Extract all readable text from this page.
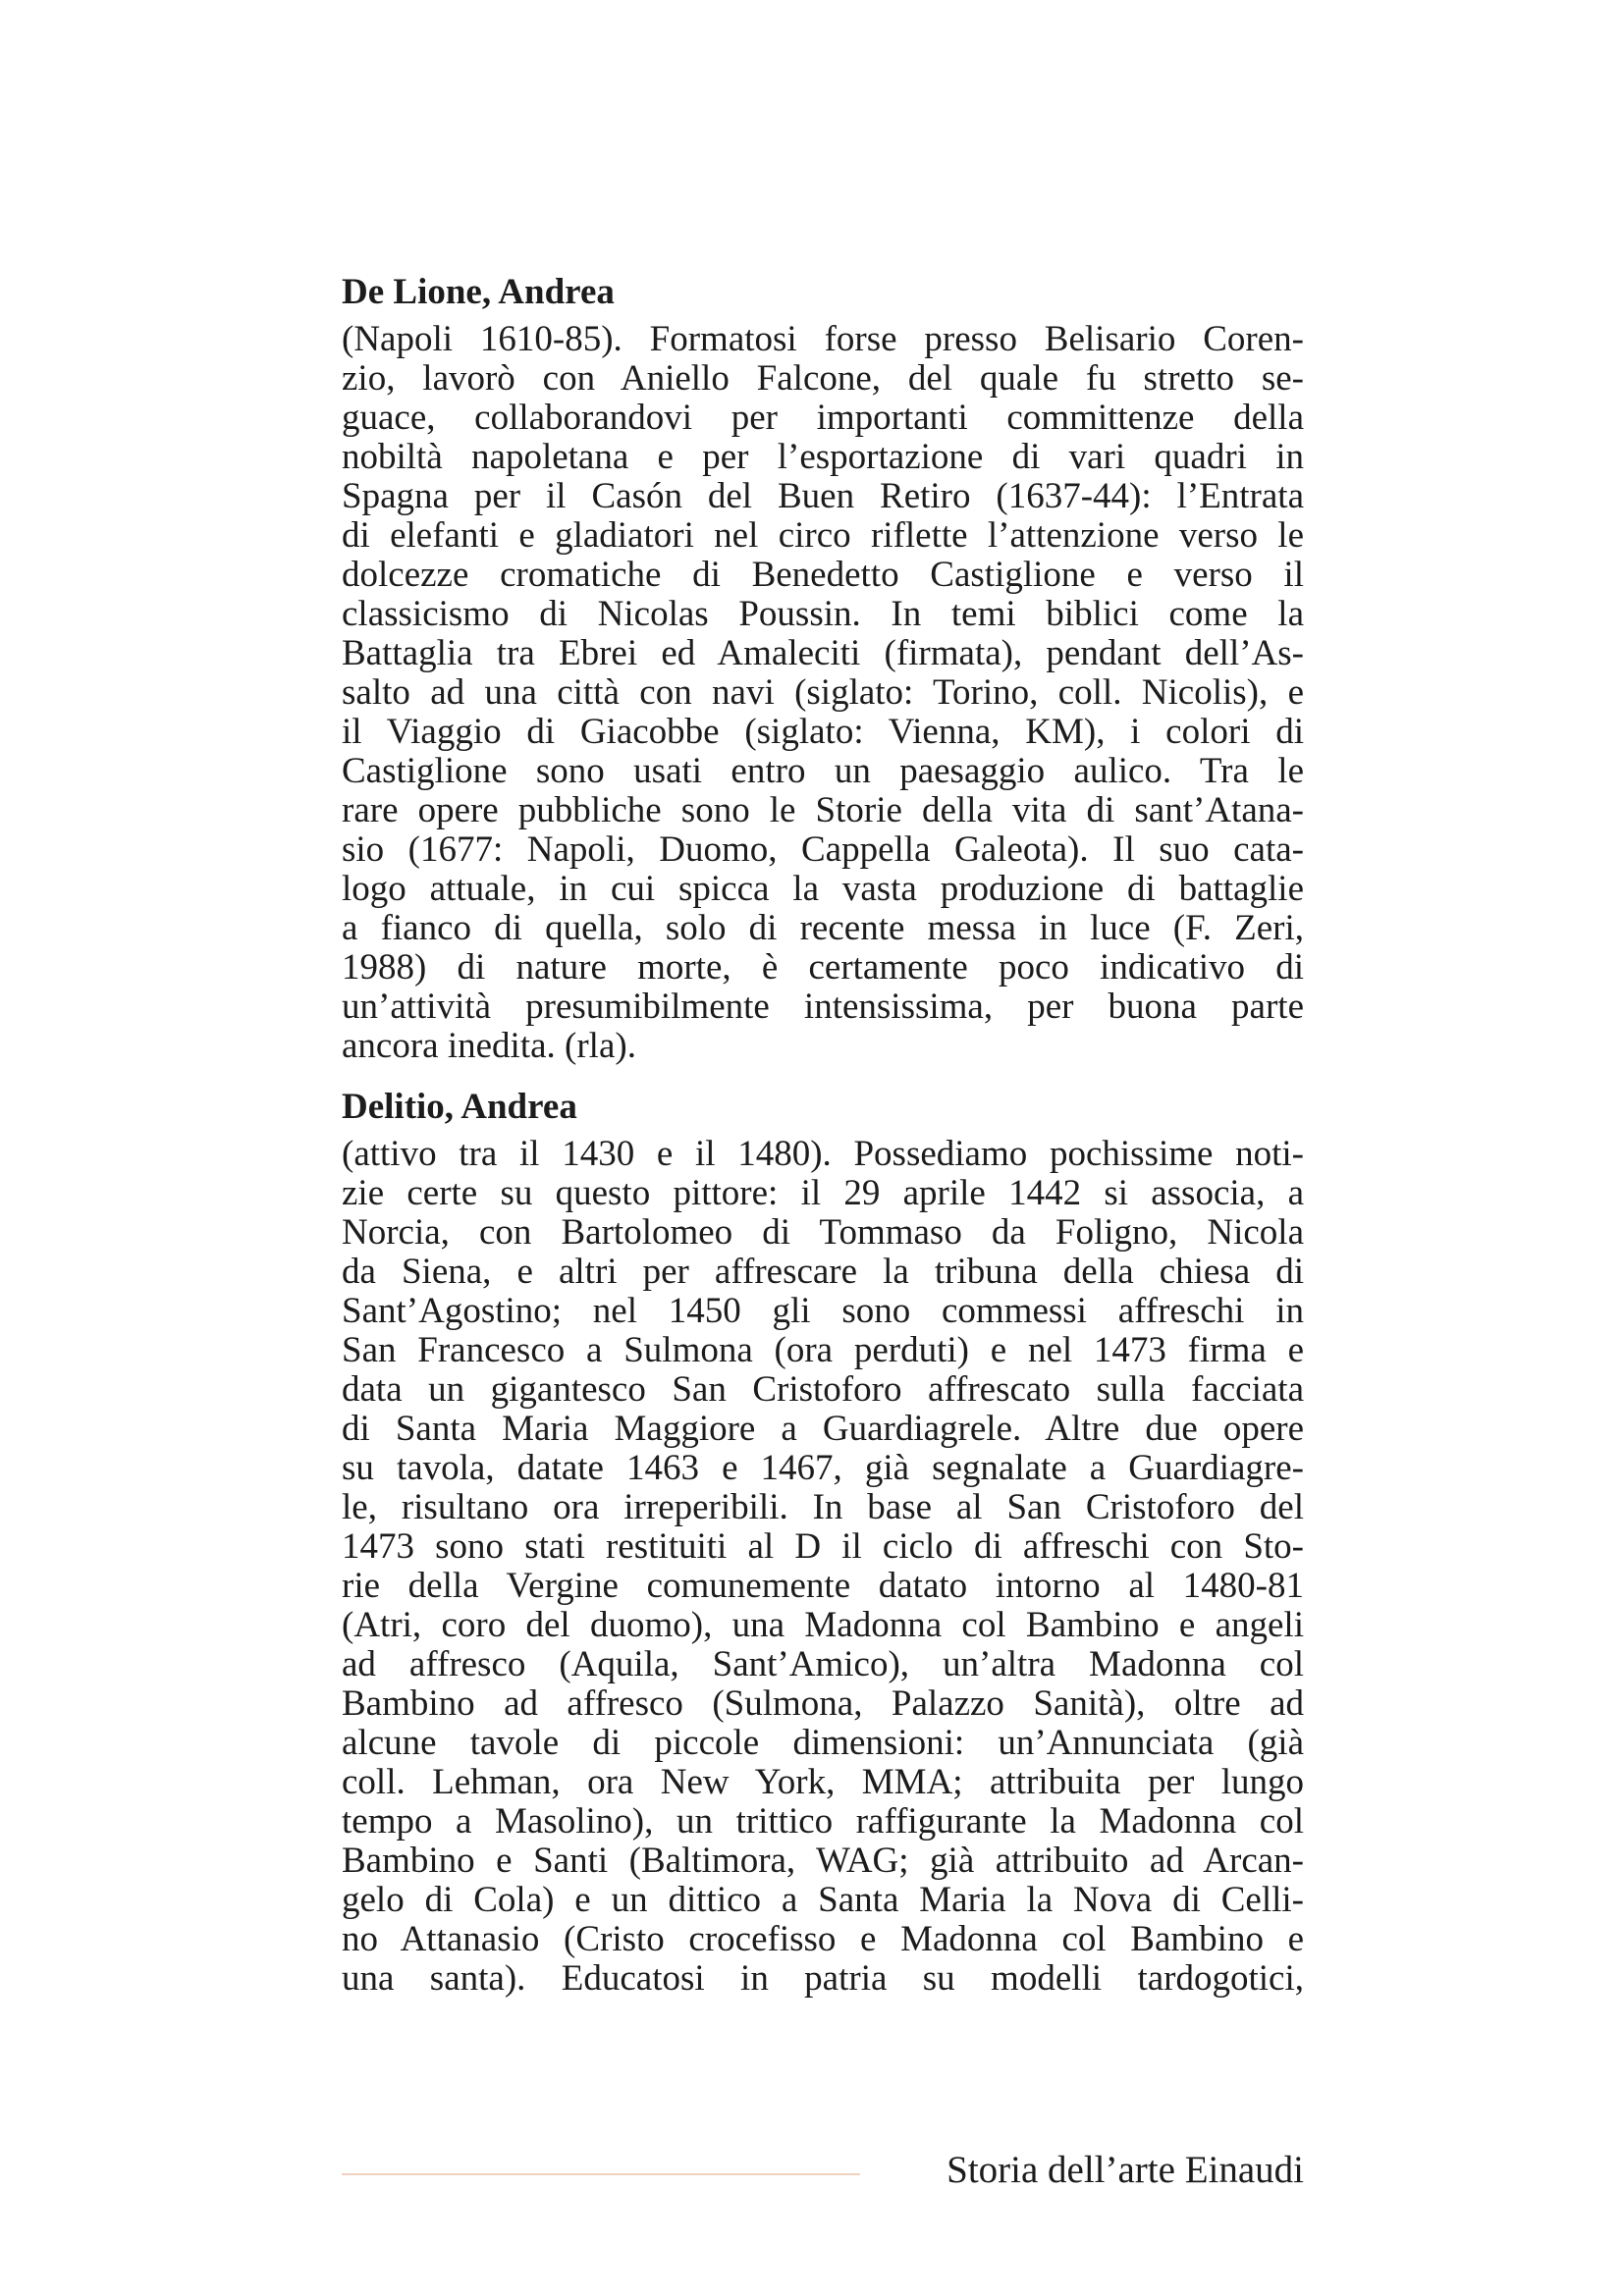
De Lione, Andrea
(Napoli 1610-85). Formatosi forse presso Belisario Coren-
zio, lavorò con Aniello Falcone, del quale fu stretto se-
guace, collaborandovi per importanti committenze della
nobiltà napoletana e per l’esportazione di vari quadri in
Spagna per il Casón del Buen Retiro (1637-44): l’Entrata
di elefanti e gladiatori nel circo riflette l’attenzione verso le
dolcezze cromatiche di Benedetto Castiglione e verso il
classicismo di Nicolas Poussin. In temi biblici come la
Battaglia tra Ebrei ed Amaleciti (firmata), pendant dell’As-
salto ad una città con navi (siglato: Torino, coll. Nicolis), e
il Viaggio di Giacobbe (siglato: Vienna, KM), i colori di
Castiglione sono usati entro un paesaggio aulico. Tra le
rare opere pubbliche sono le Storie della vita di sant’Atana-
sio (1677: Napoli, Duomo, Cappella Galeota). Il suo cata-
logo attuale, in cui spicca la vasta produzione di battaglie
a fianco di quella, solo di recente messa in luce (F. Zeri,
1988) di nature morte, è certamente poco indicativo di
un’attività presumibilmente intensissima, per buona parte
ancora inedita. (rla).
Delitio, Andrea
(attivo tra il 1430 e il 1480). Possediamo pochissime noti-
zie certe su questo pittore: il 29 aprile 1442 si associa, a
Norcia, con Bartolomeo di Tommaso da Foligno, Nicola
da Siena, e altri per affrescare la tribuna della chiesa di
Sant’Agostino; nel 1450 gli sono commessi affreschi in
San Francesco a Sulmona (ora perduti) e nel 1473 firma e
data un gigantesco San Cristoforo affrescato sulla facciata
di Santa Maria Maggiore a Guardiagrele. Altre due opere
su tavola, datate 1463 e 1467, già segnalate a Guardiagre-
le, risultano ora irreperibili. In base al San Cristoforo del
1473 sono stati restituiti al D il ciclo di affreschi con Sto-
rie della Vergine comunemente datato intorno al 1480-81
(Atri, coro del duomo), una Madonna col Bambino e angeli
ad affresco (Aquila, Sant’Amico), un’altra Madonna col
Bambino ad affresco (Sulmona, Palazzo Sanità), oltre ad
alcune tavole di piccole dimensioni: un’Annunciata (già
coll. Lehman, ora New York, MMA; attribuita per lungo
tempo a Masolino), un trittico raffigurante la Madonna col
Bambino e Santi (Baltimora, WAG; già attribuito ad Arcan-
gelo di Cola) e un dittico a Santa Maria la Nova di Celli-
no Attanasio (Cristo crocefisso e Madonna col Bambino e
una santa). Educatosi in patria su modelli tardogotici,
Storia dell’arte Einaudi
